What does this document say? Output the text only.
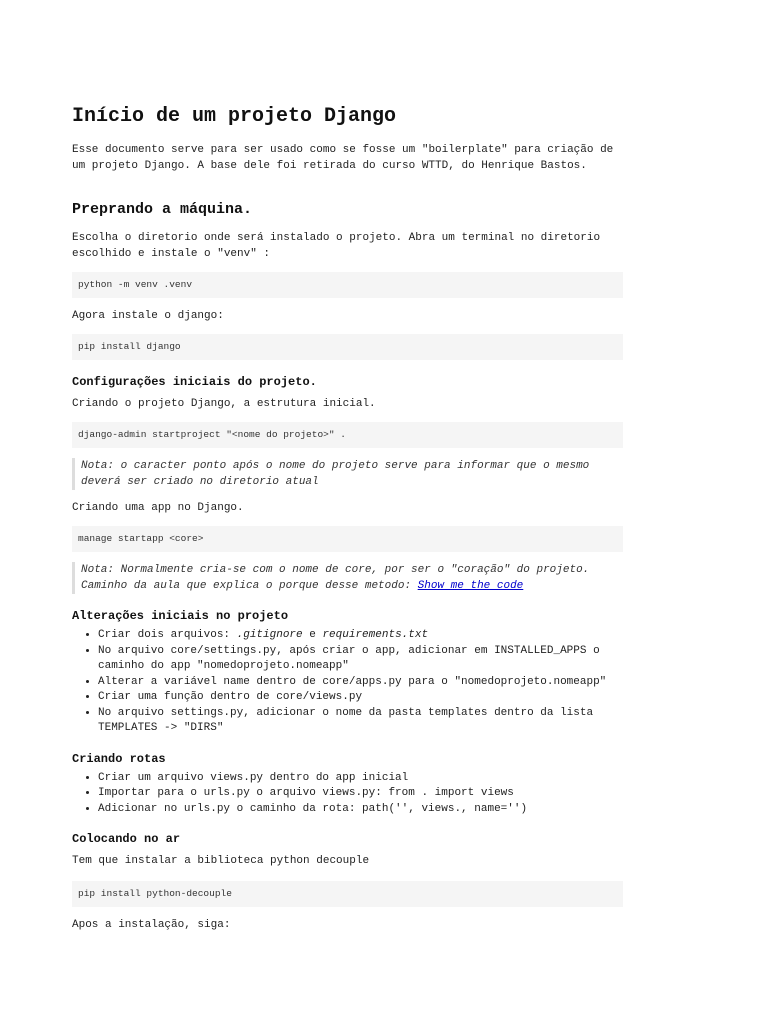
Início de um projeto Django

Esse documento serve para ser usado como se fosse um "boilerplate" para criação de um projeto Django. A base dele foi retirada do curso WTTD, do Henrique Bastos.

Preprando a máquina.

Escolha o diretorio onde será instalado o projeto. Abra um terminal no diretorio escolhido e instale o "venv" :

python -m venv .venv

Agora instale o django:

pip install django
Configurações iniciais do projeto.

Criando o projeto Django, a estrutura inicial.

django-admin startproject "<nome do projeto>" .
Nota: o caracter ponto após o nome do projeto serve para informar que o mesmo deverá ser criado no diretorio atual

Criando uma app no Django.

manage startapp <core>
Nota: Normalmente cria-se com o nome de core, por ser o "coração" do projeto. Caminho da aula que explica o porque desse metodo: Show me the code
Alterações iniciais no projeto
• Criar dois arquivos: .gitignore e requirements.txt
• No arquivo core/settings.py, após criar o app, adicionar em INSTALLED_APPS o caminho do app "nomedoprojeto.nomeapp"
• Alterar a variável name dentro de core/apps.py para o "nomedoprojeto.nomeapp"
• Criar uma função dentro de core/views.py
• No arquivo settings.py, adicionar o nome da pasta templates dentro da lista TEMPLATES -> "DIRS"
Criando rotas
• Criar um arquivo views.py dentro do app inicial
• Importar para o urls.py o arquivo views.py: from . import views
• Adicionar no urls.py o caminho da rota: path('', views., name='')
Colocando no ar

Tem que instalar a biblioteca python decouple

pip install python-decouple

Apos a instalação, siga:
